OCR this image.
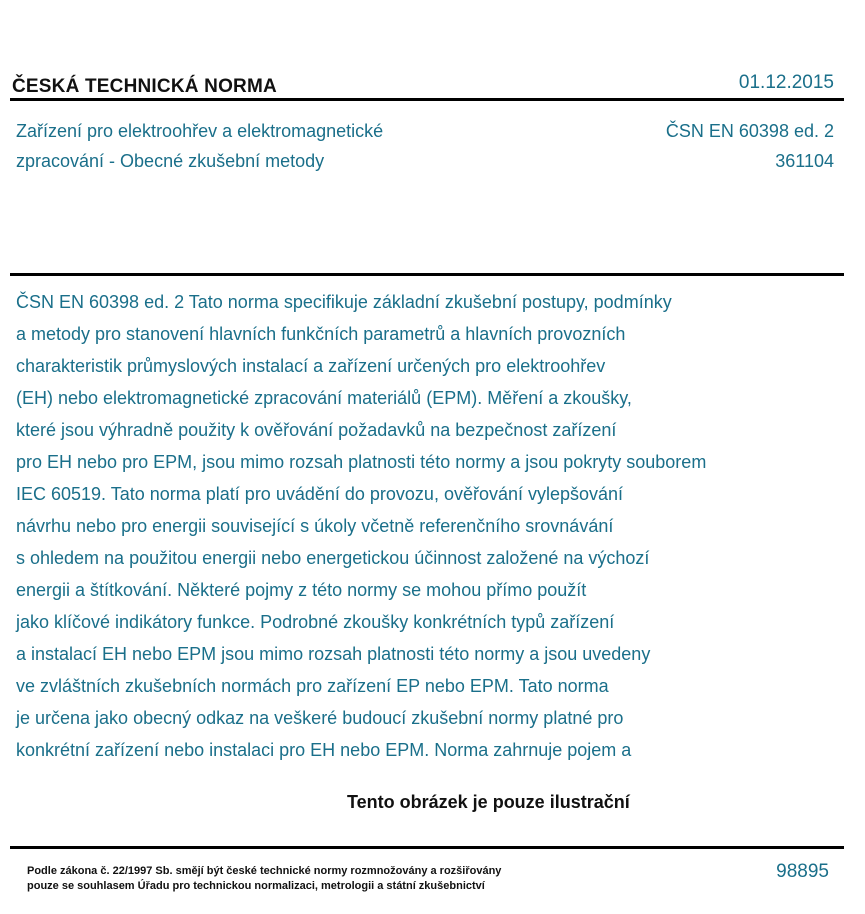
ČESKÁ TECHNICKÁ NORMA	01.12.2015
Zařízení pro elektroohřev a elektromagnetické
zpracování - Obecné zkušební metody
ČSN EN 60398 ed. 2
361104
ČSN EN 60398 ed. 2 Tato norma specifikuje základní zkušební postupy, podmínky
a metody pro stanovení hlavních funkčních parametrů a hlavních provozních
charakteristik průmyslových instalací a zařízení určených pro elektroohřev
(EH) nebo elektromagnetické zpracování materiálů (EPM). Měření a zkoušky,
které jsou výhradně použity k ověřování požadavků na bezpečnost zařízení
pro EH nebo pro EPM, jsou mimo rozsah platnosti této normy a jsou pokryty souborem
IEC 60519. Tato norma platí pro uvádění do provozu, ověřování vylepšování
návrhu nebo pro energii související s úkoly včetně referenčního srovnávání
s ohledem na použitou energii nebo energetickou účinnost založené na výchozí
energii a štítkování. Některé pojmy z této normy se mohou přímo použít
jako klíčové indikátory funkce. Podrobné zkoušky konkrétních typů zařízení
a instalací EH nebo EPM jsou mimo rozsah platnosti této normy a jsou uvedeny
ve zvláštních zkušebních normách pro zařízení EP nebo EPM. Tato norma
je určena jako obecný odkaz na veškeré budoucí zkušební normy platné pro
konkrétní zařízení nebo instalaci pro EH nebo EPM. Norma zahrnuje pojem a
Tento obrázek je pouze ilustrační
Podle zákona č. 22/1997 Sb. smějí být české technické normy rozmnožovány a rozšiřovány
pouze se souhlasem Úřadu pro technickou normalizaci, metrologii a státní zkušebnictví
98895
